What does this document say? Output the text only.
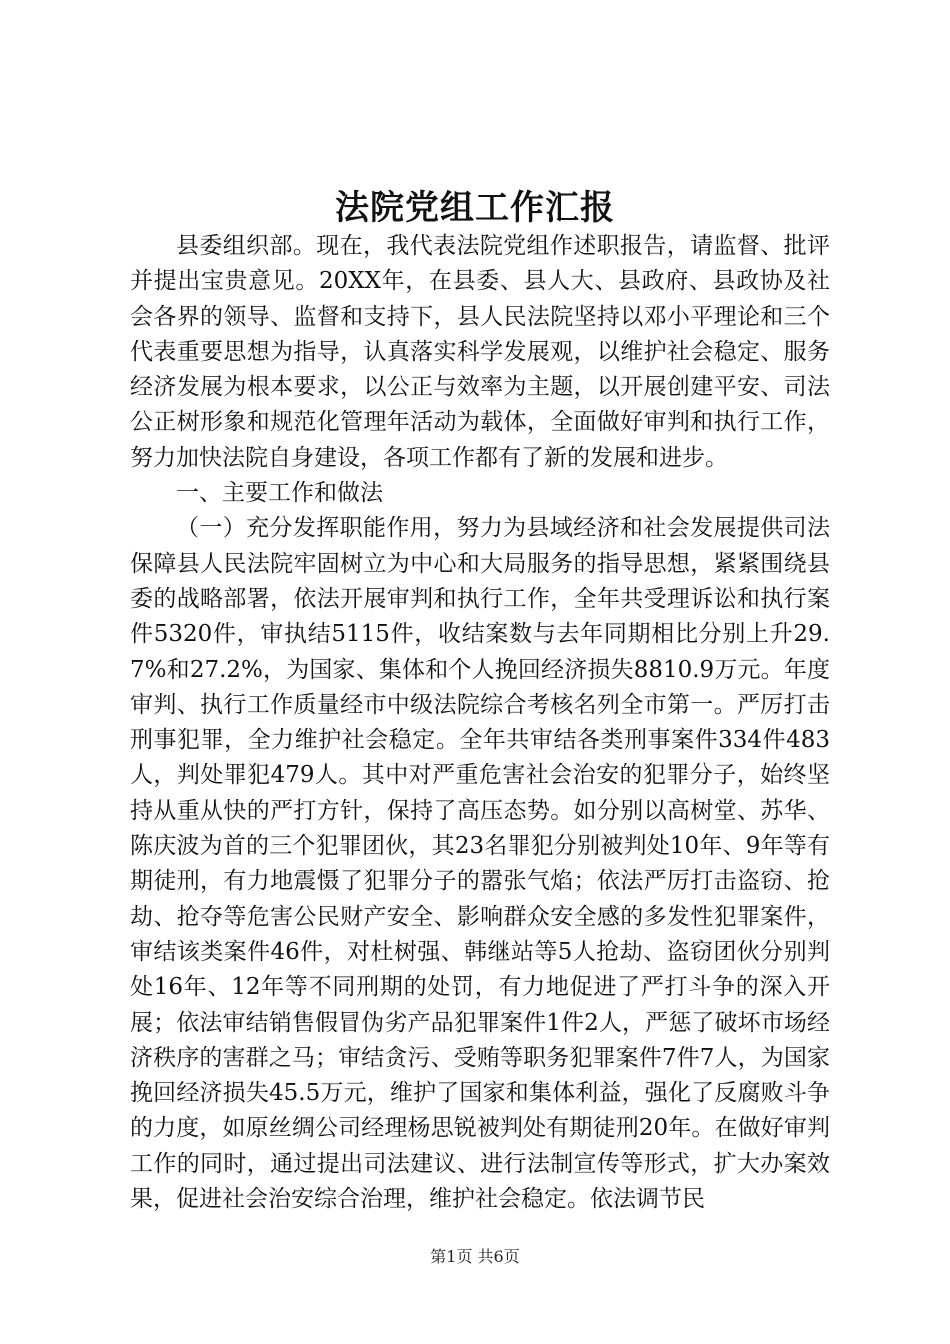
法院党组工作汇报

县委组织部。现在，我代表法院党组作述职报告，请监督、批评并提出宝贵意见。20XX年，在县委、县人大、县政府、县政协及社会各界的领导、监督和支持下，县人民法院坚持以邓小平理论和三个代表重要思想为指导，认真落实科学发展观，以维护社会稳定、服务经济发展为根本要求，以公正与效率为主题，以开展创建平安、司法公正树形象和规范化管理年活动为载体，全面做好审判和执行工作，努力加快法院自身建设，各项工作都有了新的发展和进步。

一、主要工作和做法

（一）充分发挥职能作用，努力为县域经济和社会发展提供司法保障县人民法院牢固树立为中心和大局服务的指导思想，紧紧围绕县委的战略部署，依法开展审判和执行工作，全年共受理诉讼和执行案件5320件，审执结5115件，收结案数与去年同期相比分别上升29.7%和27.2%，为国家、集体和个人挽回经济损失8810.9万元。年度审判、执行工作质量经市中级法院综合考核名列全市第一。严厉打击刑事犯罪，全力维护社会稳定。全年共审结各类刑事案件334件483人，判处罪犯479人。其中对严重危害社会治安的犯罪分子，始终坚持从重从快的严打方针，保持了高压态势。如分别以高树堂、苏华、陈庆波为首的三个犯罪团伙，其23名罪犯分别被判处10年、9年等有期徒刑，有力地震慑了犯罪分子的嚣张气焰；依法严厉打击盗窃、抢劫、抢夺等危害公民财产安全、影响群众安全感的多发性犯罪案件，审结该类案件46件，对杜树强、韩继站等5人抢劫、盗窃团伙分别判处16年、12年等不同刑期的处罚，有力地促进了严打斗争的深入开展；依法审结销售假冒伪劣产品犯罪案件1件2人，严惩了破坏市场经济秩序的害群之马；审结贪污、受贿等职务犯罪案件7件7人，为国家挽回经济损失45.5万元，维护了国家和集体利益，强化了反腐败斗争的力度，如原丝绸公司经理杨思锐被判处有期徒刑20年。在做好审判工作的同时，通过提出司法建议、进行法制宣传等形式，扩大办案效果，促进社会治安综合治理，维护社会稳定。依法调节民

第1页 共6页
